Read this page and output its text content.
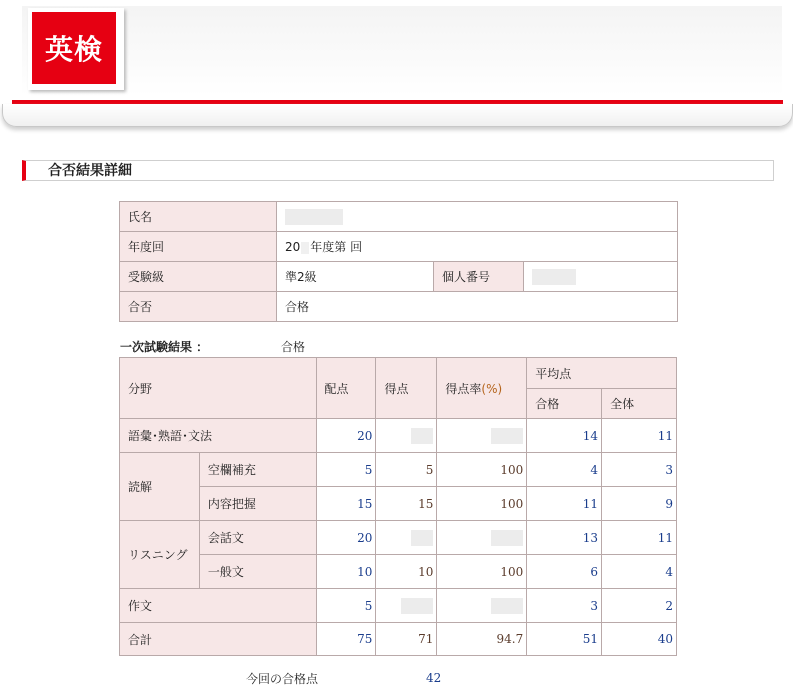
英検
合否結果詳細
氏名			
年度回	20 年度第 回		
受験級	準2級	個人番号	
合否	合格		
一次試験結果 ：	合格
分野		配点	得点	得点率(%)	平均点	
					合格	全体
語彙･熟語･文法		20			14	11
読解	空欄補充	5	5	100	4	3
	内容把握	15	15	100	11	9
リスニング	会話文	20			13	11
	一般文	10	10	100	6	4
作文		5			3	2
合計		75	71	94.7	51	40
今回の合格点	42
